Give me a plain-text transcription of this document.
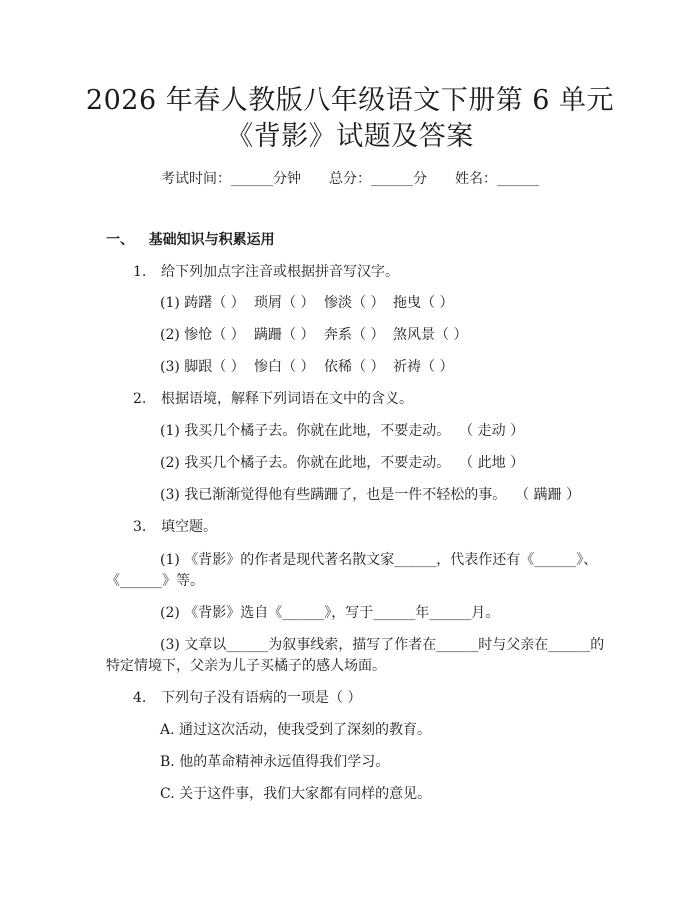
2026 年春人教版八年级语文下册第 6 单元
《背影》试题及答案
考试时间：______分钟 总分：______分 姓名：______
一、   基础知识与积累运用
1. 给下列加点字注音或根据拼音写汉字。
(1) 踌躇（ ） 琐屑（ ） 惨淡（ ） 拖曳（ ）
(2) 惨怆（ ） 蹒跚（ ） 奔系（ ） 煞风景（ ）
(3) 脚跟（ ） 惨白（ ） 依稀（ ） 祈祷（ ）
2. 根据语境，解释下列词语在文中的含义。
(1) 我买几个橘子去。你就在此地，不要走动。  （ 走动 ）
(2) 我买几个橘子去。你就在此地，不要走动。  （ 此地 ）
(3) 我已渐渐觉得他有些蹒跚了，也是一件不轻松的事。  （ 蹒跚 ）
3. 填空题。
(1) 《背影》的作者是现代著名散文家______，代表作还有《______》、
《______》等。
(2) 《背影》选自《______》，写于______年______月。
(3) 文章以______为叙事线索，描写了作者在______时与父亲在______的
特定情境下，父亲为儿子买橘子的感人场面。
4. 下列句子没有语病的一项是（ ）
A. 通过这次活动，使我受到了深刻的教育。
B. 他的革命精神永远值得我们学习。
C. 关于这件事，我们大家都有同样的意见。
